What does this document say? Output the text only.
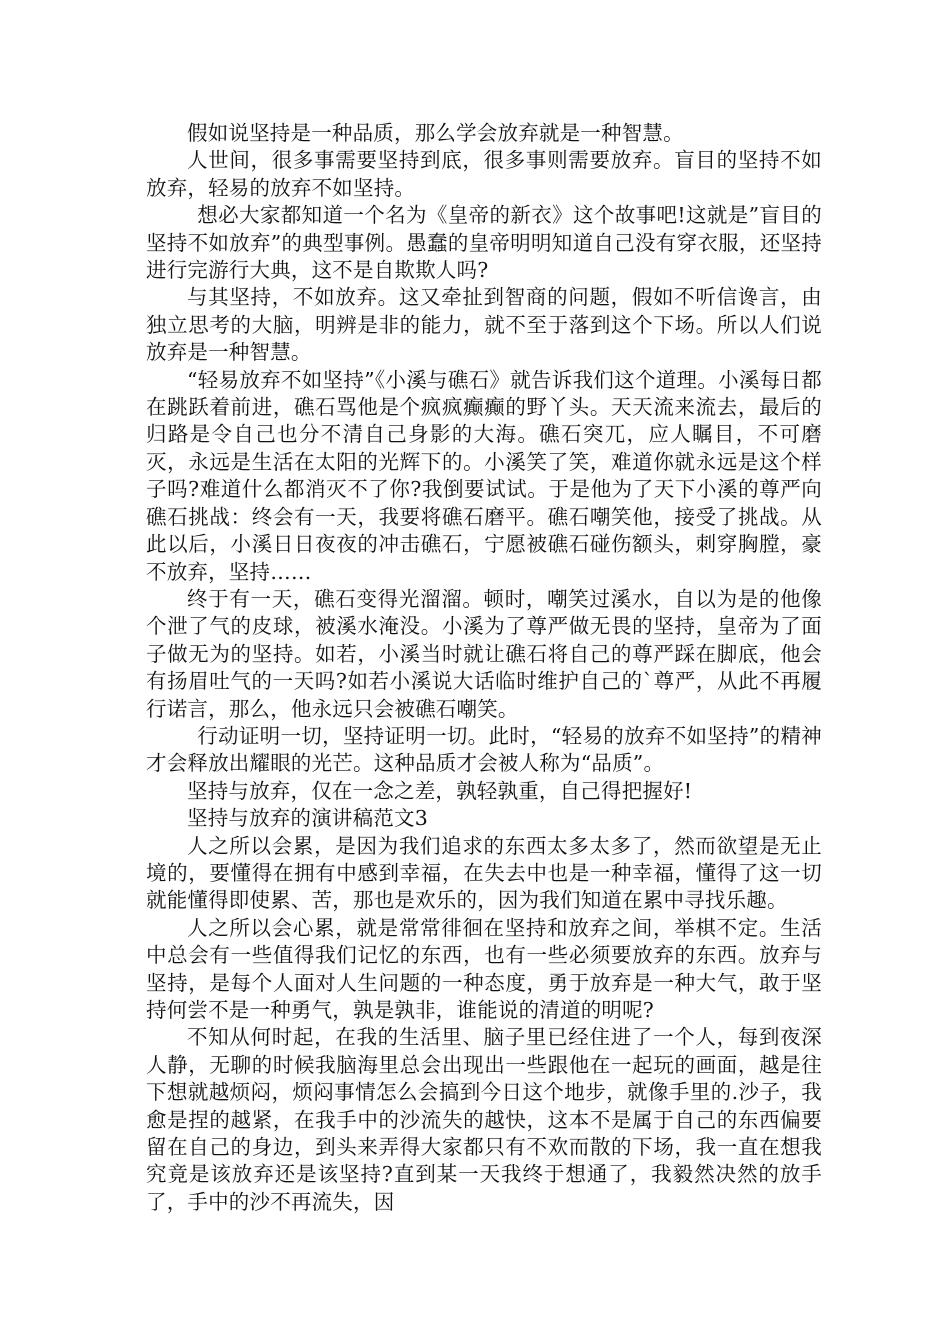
假如说坚持是一种品质，那么学会放弃就是一种智慧。

人世间，很多事需要坚持到底，很多事则需要放弃。盲目的坚持不如放弃，轻易的放弃不如坚持。

想必大家都知道一个名为《皇帝的新衣》这个故事吧!这就是”盲目的坚持不如放弃”的典型事例。愚蠢的皇帝明明知道自己没有穿衣服，还坚持进行完游行大典，这不是自欺欺人吗?

与其坚持，不如放弃。这又牵扯到智商的问题，假如不听信谗言，由独立思考的大脑，明辨是非的能力，就不至于落到这个下场。所以人们说放弃是一种智慧。

“轻易放弃不如坚持”《小溪与礁石》就告诉我们这个道理。小溪每日都在跳跃着前进，礁石骂他是个疯疯癫癫的野丫头。天天流来流去，最后的归路是令自己也分不清自己身影的大海。礁石突兀，应人瞩目，不可磨灭，永远是生活在太阳的光辉下的。小溪笑了笑，难道你就永远是这个样子吗?难道什么都消灭不了你?我倒要试试。于是他为了天下小溪的尊严向礁石挑战：终会有一天，我要将礁石磨平。礁石嘲笑他，接受了挑战。从此以后，小溪日日夜夜的冲击礁石，宁愿被礁石碰伤额头，刺穿胸膛，豪不放弃，坚持……

终于有一天，礁石变得光溜溜。顿时，嘲笑过溪水，自以为是的他像个泄了气的皮球，被溪水淹没。小溪为了尊严做无畏的坚持，皇帝为了面子做无为的坚持。如若，小溪当时就让礁石将自己的尊严踩在脚底，他会有扬眉吐气的一天吗?如若小溪说大话临时维护自己的`尊严，从此不再履行诺言，那么，他永远只会被礁石嘲笑。

行动证明一切，坚持证明一切。此时，“轻易的放弃不如坚持”的精神才会释放出耀眼的光芒。这种品质才会被人称为“品质”。

坚持与放弃，仅在一念之差，孰轻孰重，自己得把握好!

坚持与放弃的演讲稿范文3

人之所以会累，是因为我们追求的东西太多太多了，然而欲望是无止境的，要懂得在拥有中感到幸福，在失去中也是一种幸福，懂得了这一切就能懂得即使累、苦，那也是欢乐的，因为我们知道在累中寻找乐趣。

人之所以会心累，就是常常徘徊在坚持和放弃之间，举棋不定。生活中总会有一些值得我们记忆的东西，也有一些必须要放弃的东西。放弃与坚持，是每个人面对人生问题的一种态度，勇于放弃是一种大气，敢于坚持何尝不是一种勇气，孰是孰非，谁能说的清道的明呢?

不知从何时起，在我的生活里、脑子里已经住进了一个人，每到夜深人静，无聊的时候我脑海里总会出现出一些跟他在一起玩的画面，越是往下想就越烦闷，烦闷事情怎么会搞到今日这个地步，就像手里的.沙子，我愈是捏的越紧，在我手中的沙流失的越快，这本不是属于自己的东西偏要留在自己的身边，到头来弄得大家都只有不欢而散的下场，我一直在想我究竟是该放弃还是该坚持?直到某一天我终于想通了，我毅然决然的放手了，手中的沙不再流失，因
